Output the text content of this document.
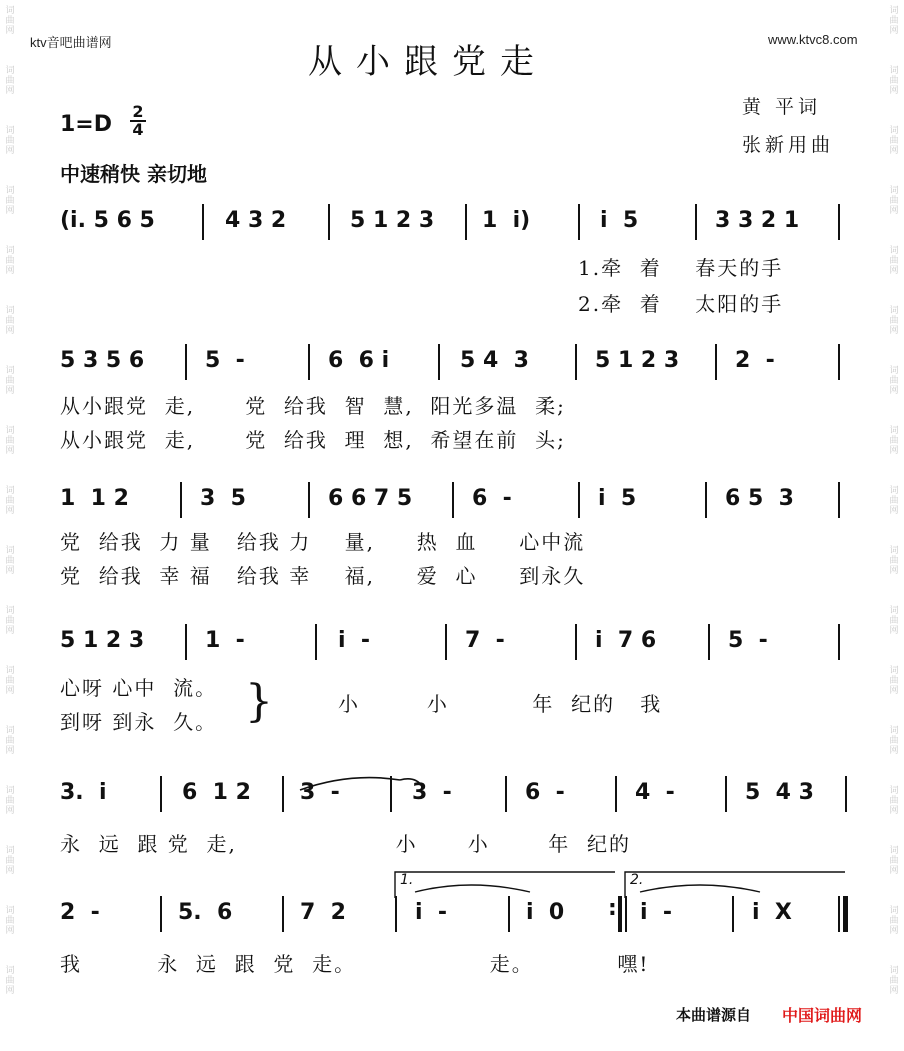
词
曲
网
词
曲
网
词
曲
网
词
曲
网
词
曲
网
词
曲
网
词
曲
网
词
曲
网
词
曲
网
词
曲
网
词
曲
网
词
曲
网
词
曲
网
词
曲
网
词
曲
网
词
曲
网
词
曲
网
词
曲
网
词
曲
网
词
曲
网
词
曲
网
词
曲
网
词
曲
网
词
曲
网
词
曲
网
词
曲
网
词
曲
网
词
曲
网
词
曲
网
词
曲
网
词
曲
网
词
曲
网
词
曲
网
词
曲
网
ktv音吧曲谱网	www.ktvc8.com
从小跟党走
黄 平词
张新用曲
1=D
2
4
中速稍快 亲切地
(i. 5 6 5	4 3 2	5 1 2 3 1  i)	i  5	3 3 2 1
1.牵  着    春天的手
2.牵  着    太阳的手
5 3 5 6	5  -	6  6 i	5 4  3	5 1 2 3	2  -
从小跟党  走,      党  给我  智  慧,  阳光多温  柔;
从小跟党  走,      党  给我  理  想,  希望在前  头;
1  1 2	3  5	6 6 7 5	6  -	i  5	6 5  3
党  给我  力 量   给我 力    量,     热  血     心中流
党  给我  幸 福   给我 幸    福,     爱  心     到永久
5 1 2 3	1  -	i  -	7  -	i  7 6	5  -
心呀 心中  流。
到呀 到永  久。 }	小        小          年  纪的   我
3.  i	6  1 2 3  -	3  -	6  -	4  -	5  4 3
永  远  跟 党  走,                   小      小       年  纪的
1.	2.
2  -	5.  6	7  2	i  -	i  0 : i  -	i  X
我         永  远  跟  党  走。                走。          嘿!
本曲谱源自 中国词曲网
